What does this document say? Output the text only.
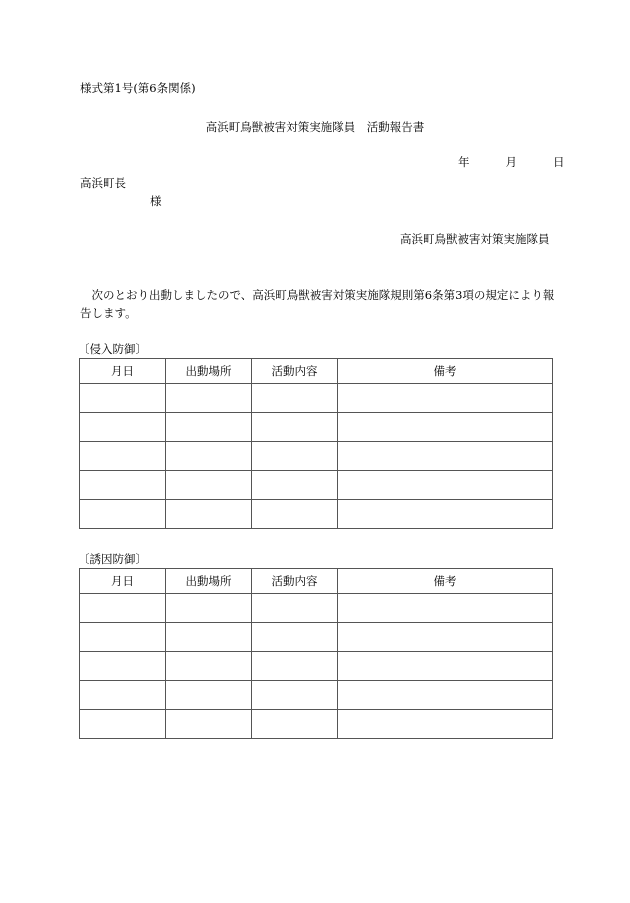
様式第1号(第6条関係)
高浜町鳥獣被害対策実施隊員　活動報告書
年	月	日
高浜町長
様
高浜町鳥獣被害対策実施隊員
　次のとおり出動しましたので、高浜町鳥獣被害対策実施隊規則第6条第3項の規定により報告します。
〔侵入防御〕
月日	出動場所	活動内容	備考

〔誘因防御〕
月日	出動場所	活動内容	備考
